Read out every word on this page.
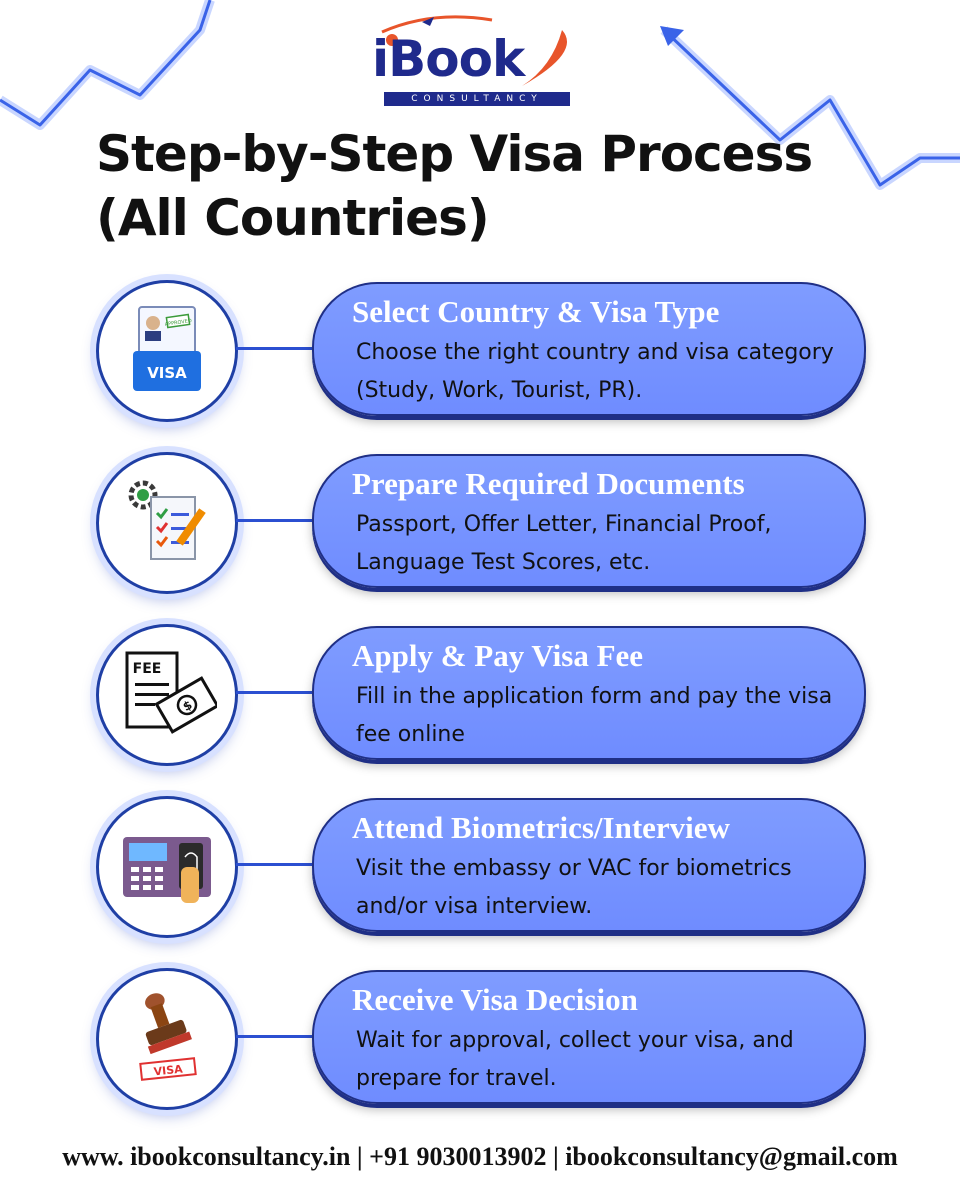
iBook
CONSULTANCY
Step-by-Step Visa Process
(All Countries)
APPROVED
VISA
Select Country & Visa Type
Choose the right country and visa category (Study, Work, Tourist, PR).
Prepare Required Documents
Passport, Offer Letter, Financial Proof, Language Test Scores, etc.
FEE
$
Apply & Pay Visa Fee
Fill in the application form and pay the visa fee online
Attend Biometrics/Interview
Visit the embassy or VAC for biometrics and/or visa interview.
VISA
Receive Visa Decision
Wait for approval, collect your visa, and prepare for travel.
www. ibookconsultancy.in | +91 9030013902 | ibookconsultancy@gmail.com
